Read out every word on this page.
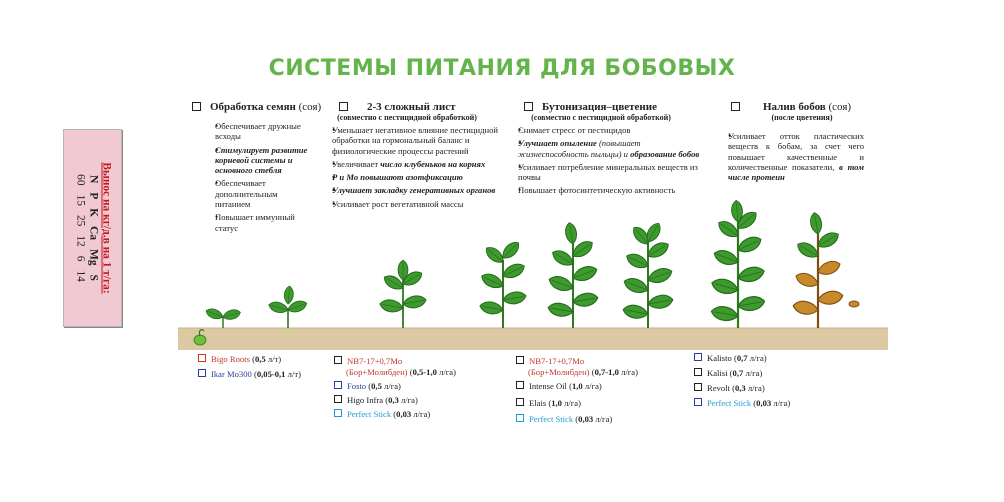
СИСТЕМЫ ПИТАНИЯ ДЛЯ БОБОВЫХ
Вынос на кг/д.в на 1 т/га:
N
P
K
Ca
Mg
S
60
15
25
12
6
14
Обработка семян (соя)
• Обеспечивает дружные всходы
• Стимулирует развитие корневой системы и основного стебля
• Обеспечивает дополнительным питанием
• Повышает иммунный статус
2-3 сложный лист
(совместно с пестицидной обработкой)
• Уменьшает негативное влияние пестицидной обработки на гормональный баланс и физиологические процессы растений
• Увеличивает число клубеньков на корнях
• Р и Мо повышают азотфиксацию
• Улучшает закладку генеративных органов
• Усиливает рост вегетативной массы
Бутонизация–цветение
(совместно с пестицидной обработкой)
• Снимает стресс от пестицидов
• Улучшает опыление (повышает жизнеспособность пыльцы) и образование бобов
• Усиливает потребление минеральных веществ из почвы
• Повышает фотосинтетическую активность
Налив бобов (соя)
(после цветения)
• Усиливает отток пластических веществ к бобам, за счет чего повышает качественные и количественные показатели, в том числе протеин
Bigo Roots (0,5 л/т)
Ikar Mo300 (0,05-0,1 л/т)
NB7-17+0,7Mo
(Бор+Молибден) (0,5-1,0 л/га)
Fosto (0,5 л/га)
Higo Infra (0,3 л/га)
Perfect Stick (0,03 л/га)
NB7-17+0,7Mo
(Бор+Молибден) (0,7-1,0 л/га)
Intense Oil (1,0 л/га)
Elais (1,0 л/га)
Perfect Stick (0,03 л/га)
Kalisto (0,7 л/га)
Kalisi (0,7 л/га)
Revolt (0,3 л/га)
Perfect Stick (0,03 л/га)
